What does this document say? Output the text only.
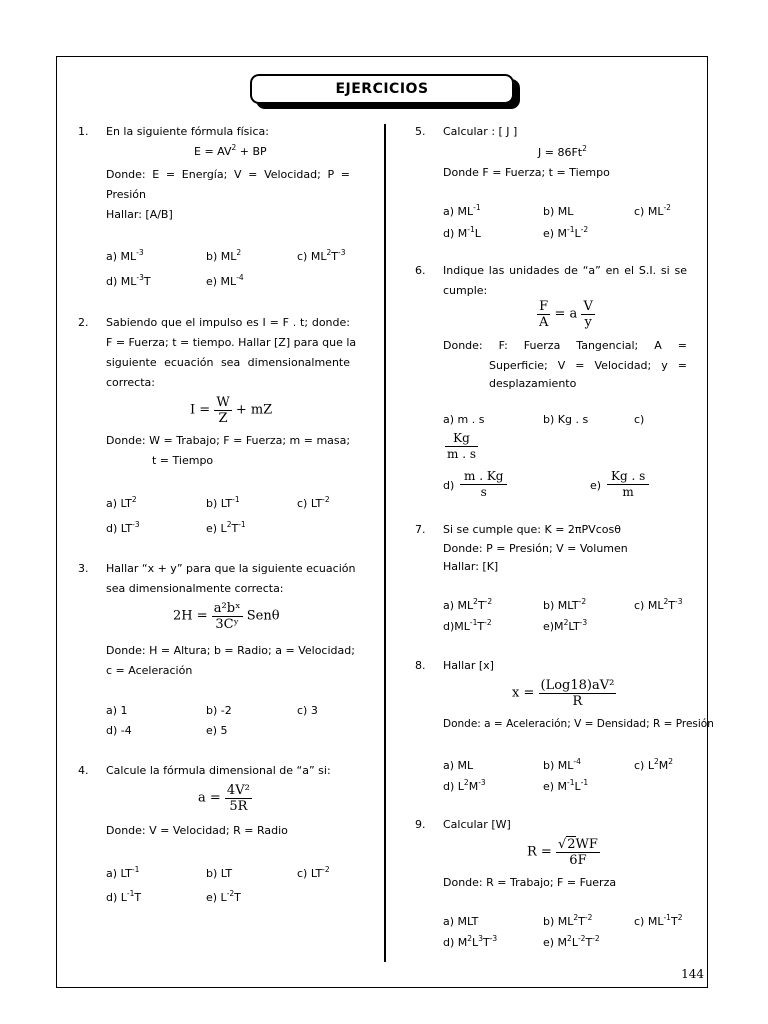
EJERCICIOS
144
1. En la siguiente fórmula física:
$E = AV^2$ + BP
Donde: E = Energía; V = Velocidad; P =
Presión
Hallar: [A/B]
a) $ML^{-3}$	b) $ML^2$	c) $ML^2T^{-3}$
d) $ML^{-3}T$	e) $ML^{-4}$
2. Sabiendo que el impulso es I = F . t; donde:
F = Fuerza; t = tiempo. Hallar [Z] para que la
siguiente ecuación sea dimensionalmente
correcta:
$I = \frac{W}{Z}$ + mZ
Donde: W = Trabajo; F = Fuerza; m = masa;
t = Tiempo
a) $LT^2$	b) $LT^{-1}$	c) $LT^{-2}$
d) $LT^{-3}$	e) $L^2T^{-1}$
3. Hallar “x + y” para que la siguiente ecuación
sea dimensionalmente correcta:
$2H = \frac{\text{a²bˣ}}{\text{3Cʸ}}$ Senθ
Donde: H = Altura; b = Radio; a = Velocidad;
c = Aceleración
a) 1	b) -2	c) 3
d) -4	e) 5
4. Calcule la fórmula dimensional de “a” si:
$a = \frac{\text{4V²}}{5R}$
Donde: V = Velocidad; R = Radio
a) $LT^{-1}$	b) LT	c) $LT^{-2}$
d) $L^{-1}T$	e) $L^{-2}T$
5. Calcular : [ J ]
$J = 86Ft^2$
Donde F = Fuerza; t = Tiempo
a) $ML^{-1}$	b) ML	c) $ML^{-2}$
d) $M^{-1}L$	e) $M^{-1}L^{-2}$
6. Indique las unidades de “a” en el S.I. si se
cumple:
$\frac{F}{A} = a \frac{V}{y}$
Donde: F: Fuerza Tangencial; A =
Superficie; V = Velocidad; y =
desplazamiento
a) m . s	b) Kg . s	c)
$\frac{Kg}{m . s}$
$d) \frac{m . Kg}{s}$	$e) \frac{Kg . s}{m}$
7. Si se cumple que: K = 2πPVcosθ
Donde: P = Presión; V = Volumen
Hallar: [K]
a) $ML^2T^{-2}$	b) $MLT^{-2}$	c) $ML^2T^{-3}$
$d)ML^{-1}T^{-2}$	$e)M^2LT^{-3}$
8. Hallar [x]
$x = \frac{\text{(Log18)aV²}}{R}$
Donde: a = Aceleración; V = Densidad; R = Presión
a) ML	b) $ML^{-4}$	c) $L^2M^2$
d) $L^2M^{-3}$	e) $M^{-1}L^{-1}$
9. Calcular [W]
$R = \frac{√2WF}{6F}$
Donde: R = Trabajo; F = Fuerza
a) MLT	b) $ML^2T^{-2}$	c) $ML^{-1}T^2$
d) $M^2L^3T^{-3}$	e) $M^2L^{-2}T^{-2}$
